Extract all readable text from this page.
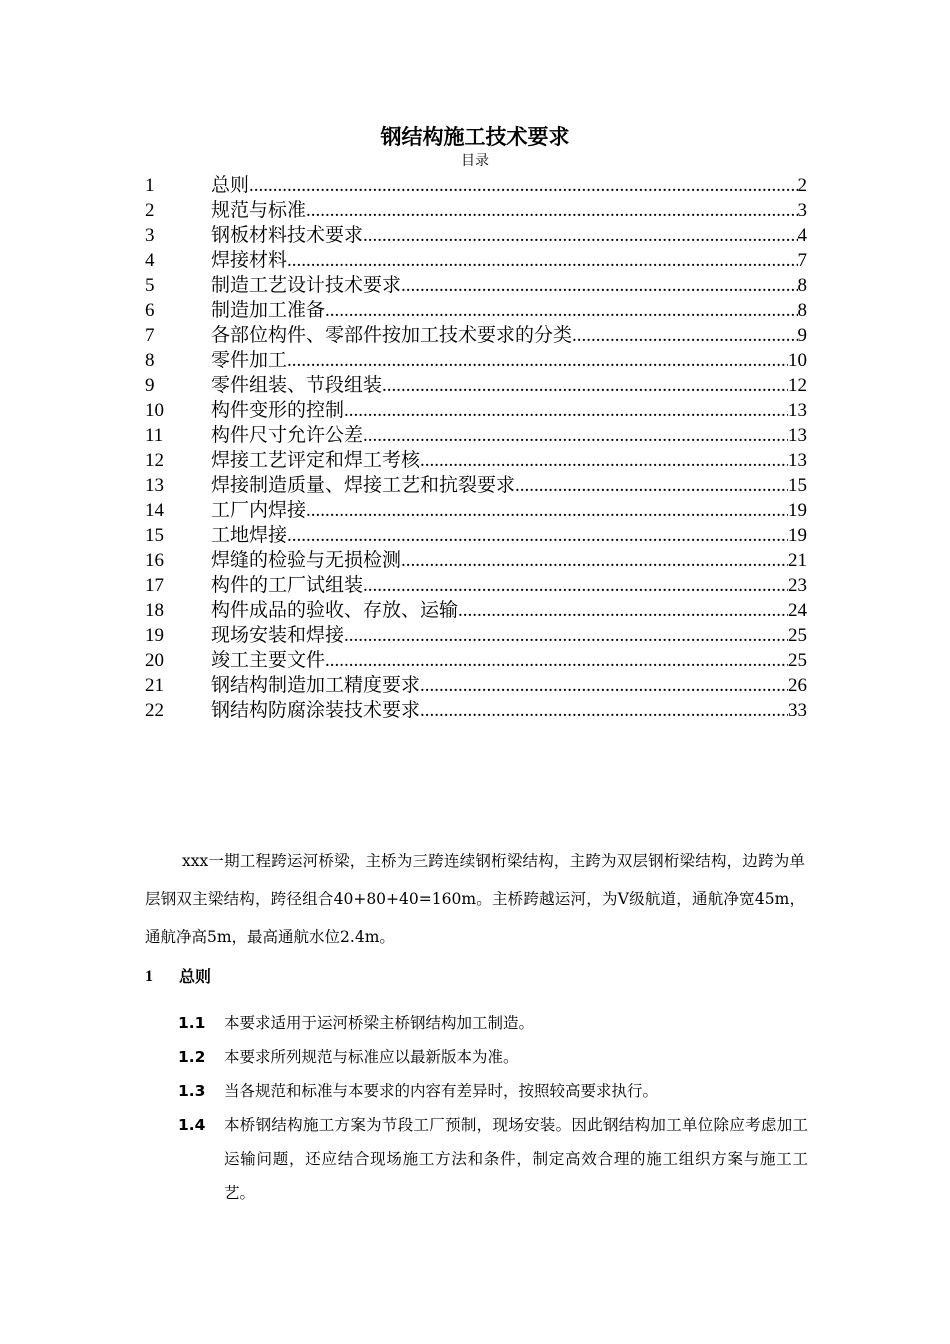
钢结构施工技术要求
目录
1	总则 .....	2
2	规范与标准 .....	3
3	钢板材料技术要求 .....	4
4	焊接材料 .....	7
5	制造工艺设计技术要求 .....	8
6	制造加工准备 .....	8
7	各部位构件、零部件按加工技术要求的分类 .....	9
8	零件加工 .....	10
9	零件组装、节段组装 .....	12
10	构件变形的控制 .....	13
11	构件尺寸允许公差 .....	13
12	焊接工艺评定和焊工考核 .....	13
13	焊接制造质量、焊接工艺和抗裂要求 .....	15
14	工厂内焊接 .....	19
15	工地焊接 .....	19
16	焊缝的检验与无损检测 .....	21
17	构件的工厂试组装 .....	23
18	构件成品的验收、存放、运输 .....	24
19	现场安装和焊接 .....	25
20	竣工主要文件 .....	25
21	钢结构制造加工精度要求 .....	26
22	钢结构防腐涂装技术要求 .....	33

xxx一期工程跨运河桥梁，主桥为三跨连续钢桁梁结构，主跨为双层钢桁梁结构，边跨为单层钢双主梁结构，跨径组合40+80+40=160m。主桥跨越运河，为Ⅴ级航道，通航净宽45m，通航净高5m，最高通航水位2.4m。

1	总则
1.1	本要求适用于运河桥梁主桥钢结构加工制造。
1.2	本要求所列规范与标准应以最新版本为准。
1.3	当各规范和标准与本要求的内容有差异时，按照较高要求执行。
1.4	本桥钢结构施工方案为节段工厂预制，现场安装。因此钢结构加工单位除应考虑加工运输问题，还应结合现场施工方法和条件，制定高效合理的施工组织方案与施工工艺。
